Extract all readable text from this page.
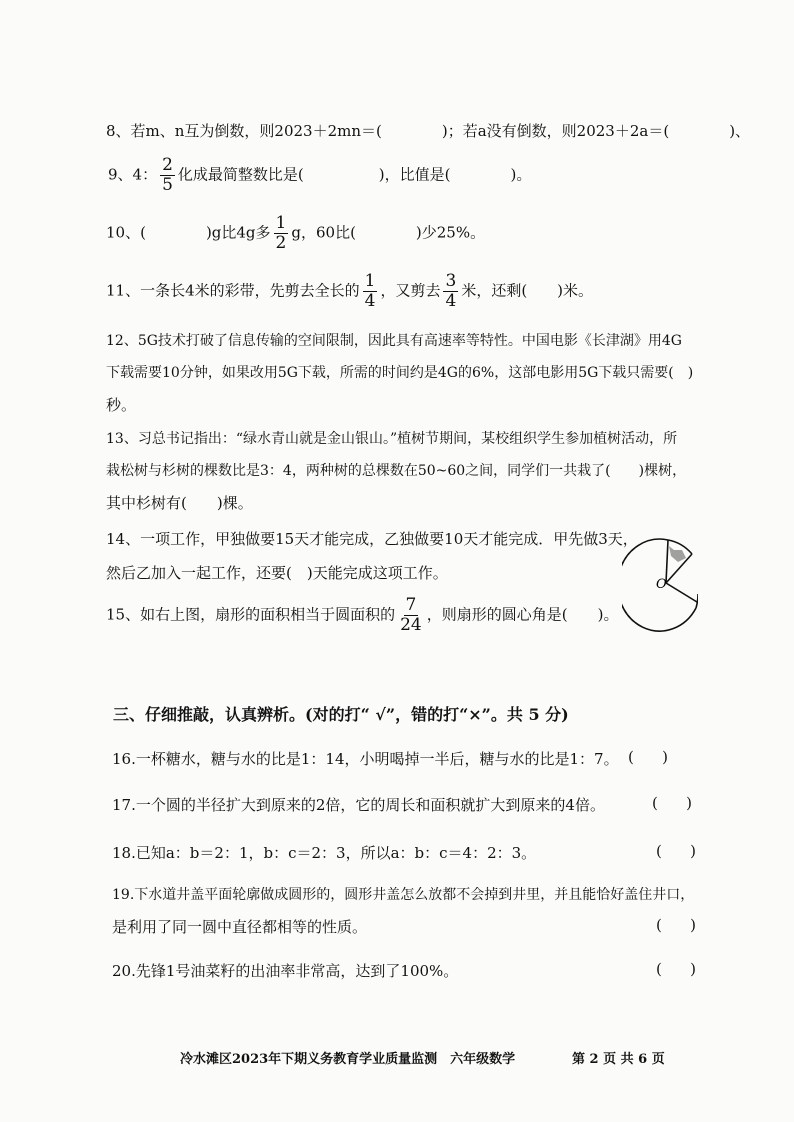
8、若m、n互为倒数，则2023＋2mn＝(　　　　)；若a没有倒数，则2023＋2a＝(　　　　)、
9、4： $\frac{2}{5}$ 化成最简整数比是(　　　　　)，比值是(　　　　)。
10、(　　　　)g比4g多 $\frac{1}{2}$ g，60比(　　　　)少25%。
11、一条长4米的彩带，先剪去全长的 $\frac{1}{4}$ ，又剪去 $\frac{3}{4}$ 米，还剩(　　)米。
12、5G技术打破了信息传输的空间限制，因此具有高速率等特性。中国电影《长津湖》用4G
下载需要10分钟，如果改用5G下载，所需的时间约是4G的6%，这部电影用5G下载只需要(　)
秒。
13、习总书记指出：“绿水青山就是金山银山。”植树节期间，某校组织学生参加植树活动，所
栽松树与杉树的棵数比是3：4，两种树的总棵数在50~60之间，同学们一共栽了(　　)棵树，
其中杉树有(　　)棵。
14、一项工作，甲独做要15天才能完成，乙独做要10天才能完成．甲先做3天，
然后乙加入一起工作，还要(　)天能完成这项工作。
15、如右上图，扇形的面积相当于圆面积的 $\frac{7}{24}$ ，则扇形的圆心角是(　　)。
O
三、仔细推敲，认真辨析。(对的打“ √”，错的打“×”。共 5 分)
16.一杯糖水，糖与水的比是1：14，小明喝掉一半后，糖与水的比是1：7。 ( )
17.一个圆的半径扩大到原来的2倍，它的周长和面积就扩大到原来的4倍。	( )
18.已知a：b＝2：1，b：c＝2：3，所以a：b：c＝4：2：3。	( )
19.下水道井盖平面轮廓做成圆形的，圆形井盖怎么放都不会掉到井里，并且能恰好盖住井口，
是利用了同一圆中直径都相等的性质。	( )
20.先锋1号油菜籽的出油率非常高，达到了100%。	( )
冷水滩区2023年下期义务教育学业质量监测　六年级数学	第 2 页 共 6 页
